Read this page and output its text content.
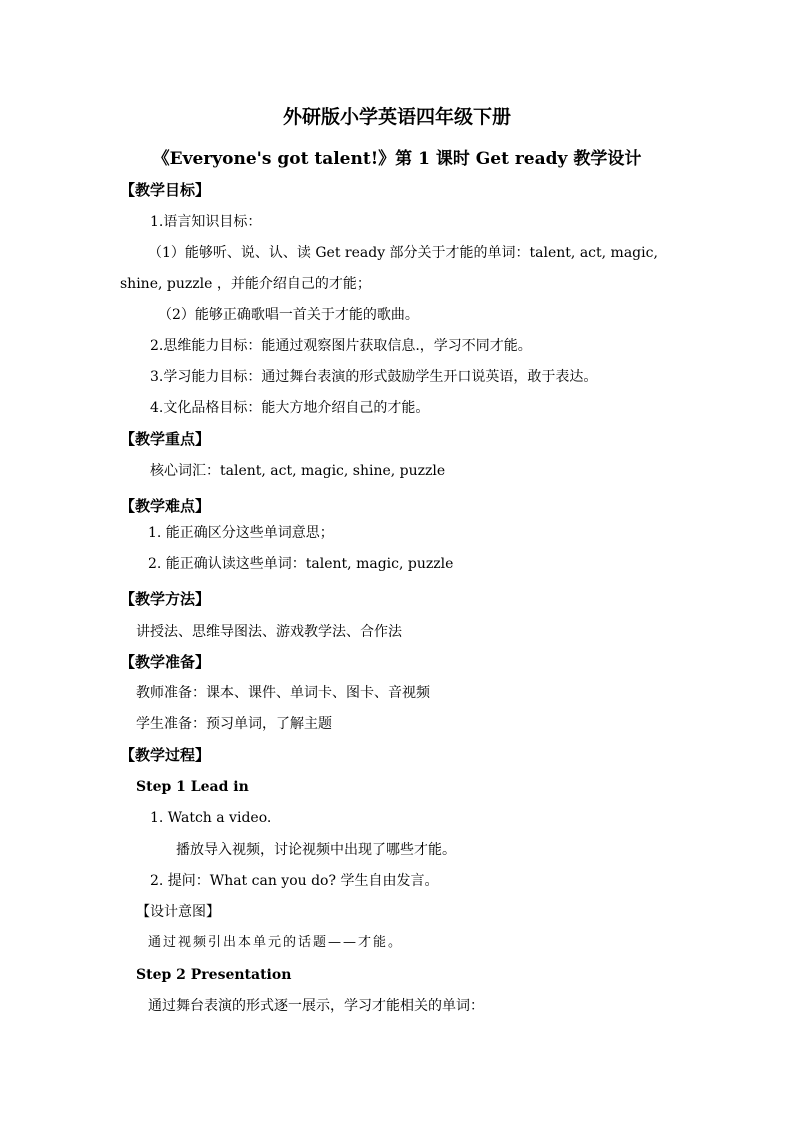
外研版小学英语四年级下册
《Everyone's got talent!》第 1 课时 Get ready 教学设计
【教学目标】
1.语言知识目标：
（1）能够听、说、认、读 Get ready 部分关于才能的单词：talent, act, magic,
shine, puzzle ，并能介绍自己的才能；
（2）能够正确歌唱一首关于才能的歌曲。
2.思维能力目标：能通过观察图片获取信息.，学习不同才能。
3.学习能力目标：通过舞台表演的形式鼓励学生开口说英语，敢于表达。
4.文化品格目标：能大方地介绍自己的才能。
【教学重点】
核心词汇：talent, act, magic, shine, puzzle
【教学难点】
1. 能正确区分这些单词意思；
2. 能正确认读这些单词：talent, magic, puzzle
【教学方法】
讲授法、思维导图法、游戏教学法、合作法
【教学准备】
教师准备：课本、课件、单词卡、图卡、音视频
学生准备：预习单词，了解主题
【教学过程】
Step 1 Lead in
1. Watch a video.
播放导入视频，讨论视频中出现了哪些才能。
2. 提问：What can you do? 学生自由发言。
【设计意图】
通过视频引出本单元的话题——才能。
Step 2 Presentation
通过舞台表演的形式逐一展示，学习才能相关的单词：
